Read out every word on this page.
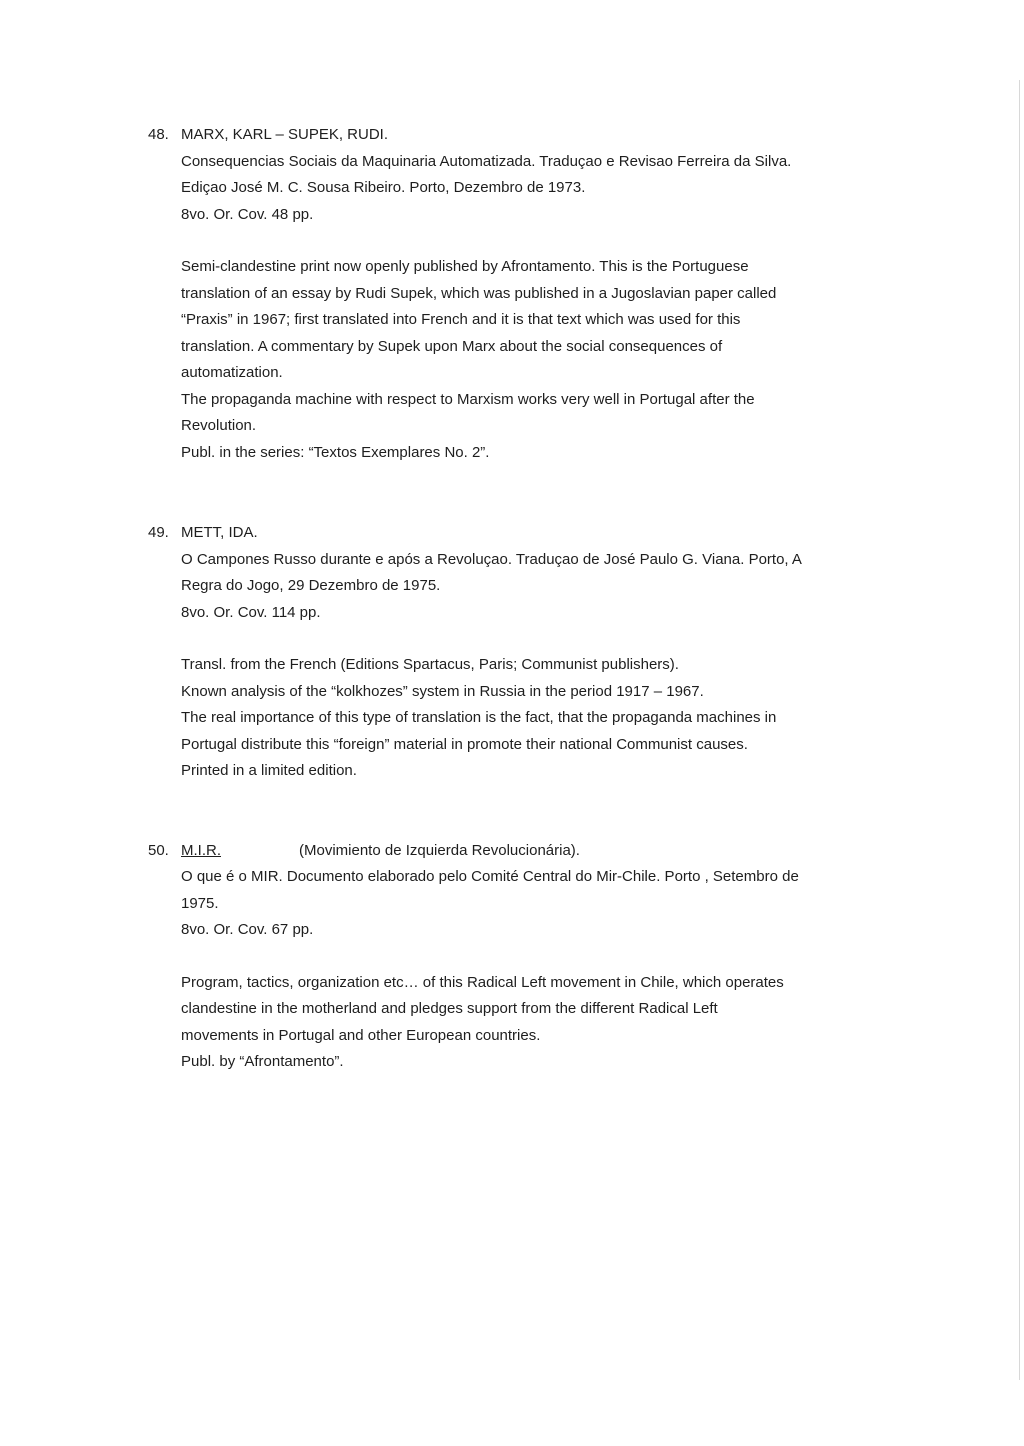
48. MARX, KARL – SUPEK, RUDI.
Consequencias Sociais da Maquinaria Automatizada. Traduçao e Revisao Ferreira da Silva.
Ediçao José M. C. Sousa Ribeiro. Porto, Dezembro de 1973.
8vo. Or. Cov. 48 pp.
Semi-clandestine print now openly published by Afrontamento. This is the Portuguese
translation of an essay by Rudi Supek, which was published in a Jugoslavian paper called
“Praxis” in 1967; first translated into French and it is that text which was used for this
translation. A commentary by Supek upon Marx about the social consequences of
automatization.
The propaganda machine with respect to Marxism works very well in Portugal after the
Revolution.
Publ. in the series: “Textos Exemplares No. 2”.
49. METT, IDA.
O Campones Russo durante e após a Revoluçao. Traduçao de José Paulo G. Viana. Porto, A
Regra do Jogo, 29 Dezembro de 1975.
8vo. Or. Cov. 114 pp.
Transl. from the French (Editions Spartacus, Paris; Communist publishers).
Known analysis of the “kolkhozes” system in Russia in the period 1917 – 1967.
The real importance of this type of translation is the fact, that the propaganda machines in
Portugal distribute this “foreign” material in promote their national Communist causes.
Printed in a limited edition.
50. M.I.R.	(Movimiento de Izquierda Revolucionária).
O que é o MIR. Documento elaborado pelo Comité Central do Mir-Chile. Porto , Setembro de
1975.
8vo. Or. Cov. 67 pp.
Program, tactics, organization etc… of this Radical Left movement in Chile, which operates
clandestine in the motherland and pledges support from the different Radical Left
movements in Portugal and other European countries.
Publ. by “Afrontamento”.
